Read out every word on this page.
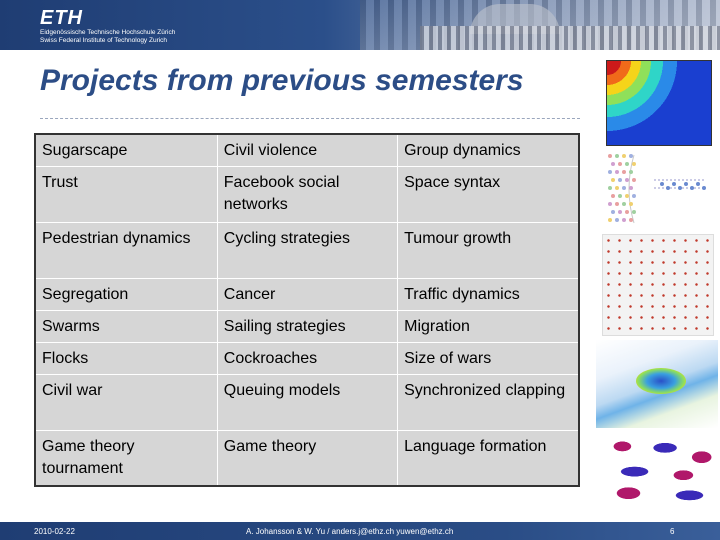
ETH
Eidgenössische Technische Hochschule Zürich
Swiss Federal Institute of Technology Zurich
Projects from previous semesters
Sugarscape	Civil violence	Group dynamics
Trust	Facebook social networks	Space syntax
Pedestrian dynamics	Cycling strategies	Tumour growth
Segregation	Cancer	Traffic dynamics
Swarms	Sailing strategies	Migration
Flocks	Cockroaches	Size of wars
Civil war	Queuing models	Synchronized clapping
Game theory tournament	Game theory	Language formation
2010-02-22	A. Johansson & W. Yu / anders.j@ethz.ch yuwen@ethz.ch	6
